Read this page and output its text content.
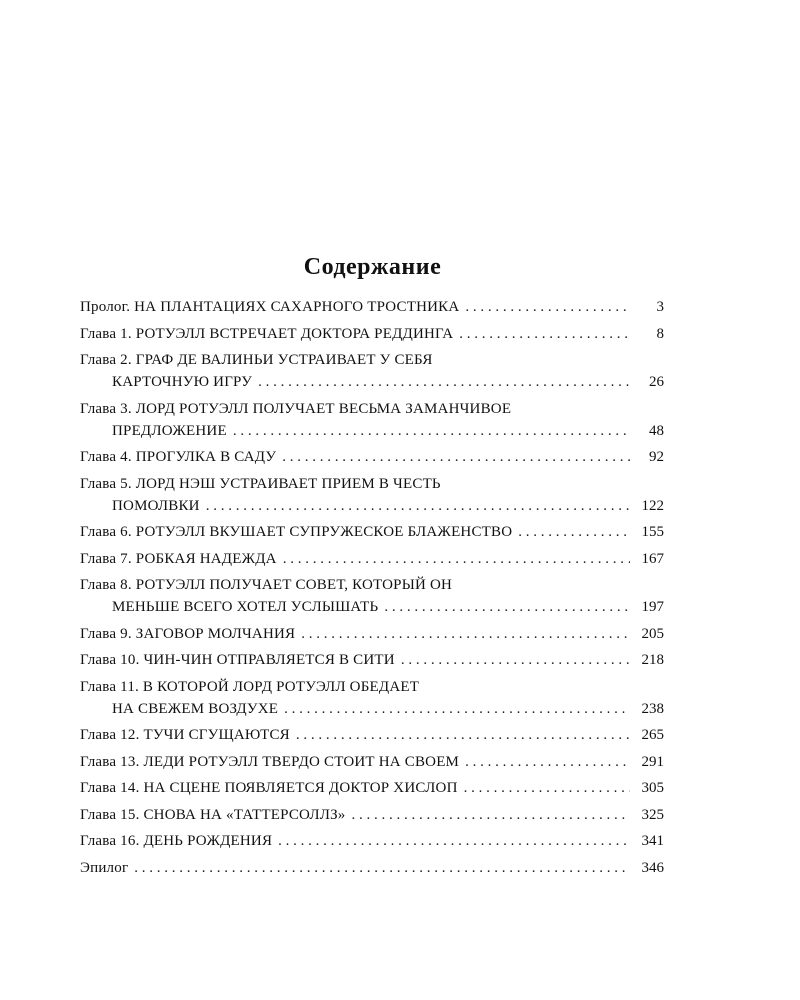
Содержание
Пролог. НА ПЛАНТАЦИЯХ САХАРНОГО ТРОСТНИКА . . .	3
Глава 1. РОТУЭЛЛ ВСТРЕЧАЕТ ДОКТОРА РЕДДИНГА . . .	8
Глава 2. ГРАФ ДЕ ВАЛИНЬИ УСТРАИВАЕТ У СЕБЯ
КАРТОЧНУЮ ИГРУ . . .	26
Глава 3. ЛОРД РОТУЭЛЛ ПОЛУЧАЕТ ВЕСЬМА ЗАМАНЧИВОЕ
ПРЕДЛОЖЕНИЕ . . .	48
Глава 4. ПРОГУЛКА В САДУ . . .	92
Глава 5. ЛОРД НЭШ УСТРАИВАЕТ ПРИЕМ В ЧЕСТЬ
ПОМОЛВКИ . . .	122
Глава 6. РОТУЭЛЛ ВКУШАЕТ СУПРУЖЕСКОЕ БЛАЖЕНСТВО . . .	155
Глава 7. РОБКАЯ НАДЕЖДА . . .	167
Глава 8. РОТУЭЛЛ ПОЛУЧАЕТ СОВЕТ, КОТОРЫЙ ОН
МЕНЬШЕ ВСЕГО ХОТЕЛ УСЛЫШАТЬ . . .	197
Глава 9. ЗАГОВОР МОЛЧАНИЯ . . .	205
Глава 10. ЧИН-ЧИН ОТПРАВЛЯЕТСЯ В СИТИ . . .	218
Глава 11. В КОТОРОЙ ЛОРД РОТУЭЛЛ ОБЕДАЕТ
НА СВЕЖЕМ ВОЗДУХЕ . . .	238
Глава 12. ТУЧИ СГУЩАЮТСЯ . . .	265
Глава 13. ЛЕДИ РОТУЭЛЛ ТВЕРДО СТОИТ НА СВОЕМ . . .	291
Глава 14. НА СЦЕНЕ ПОЯВЛЯЕТСЯ ДОКТОР ХИСЛОП . . .	305
Глава 15. СНОВА НА «ТАТТЕРСОЛЛЗ» . . .	325
Глава 16. ДЕНЬ РОЖДЕНИЯ . . .	341
Эпилог . . .	346
